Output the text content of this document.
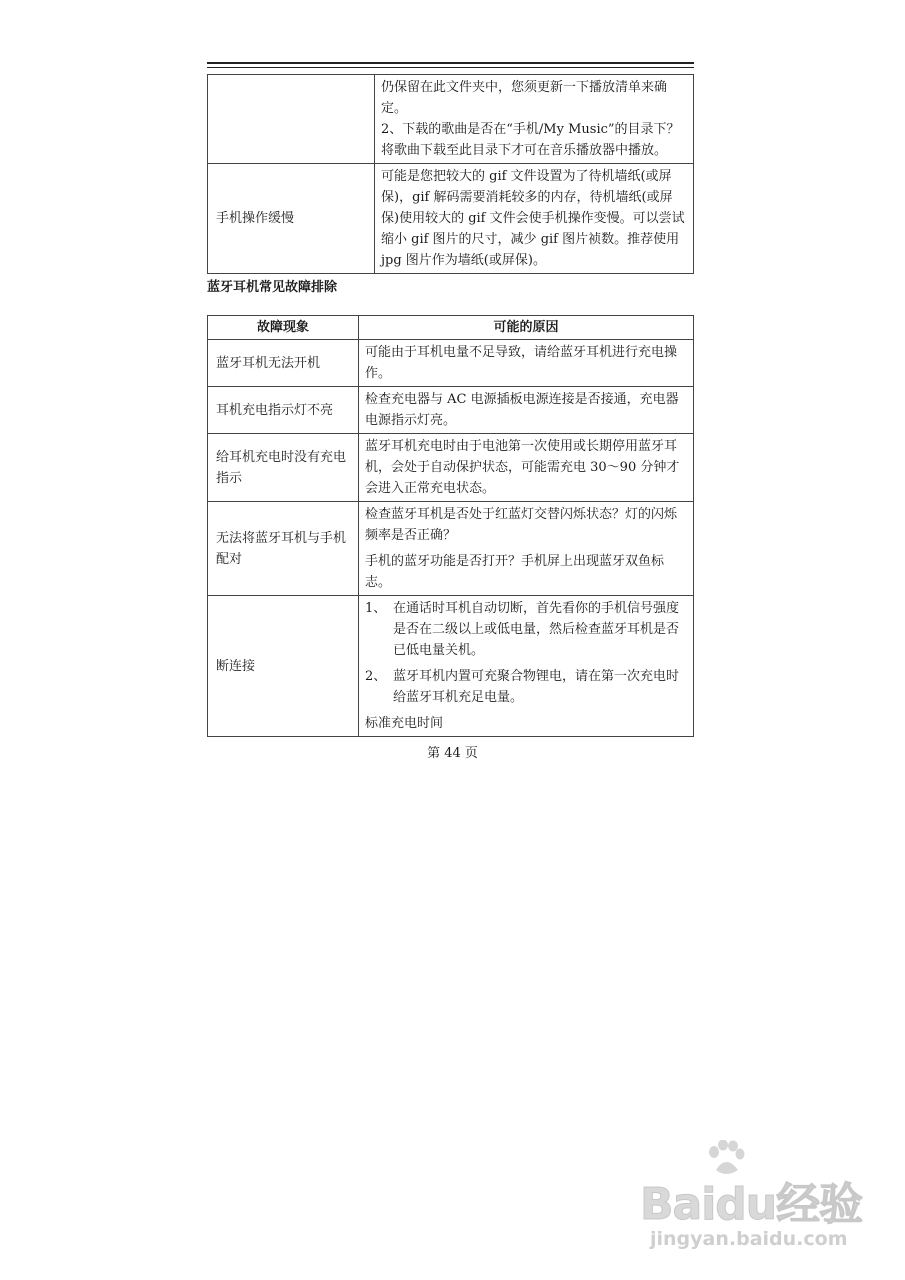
	仍保留在此文件夹中，您须更新一下播放清单来确定。
2、下载的歌曲是否在“手机/My Music”的目录下？将歌曲下载至此目录下才可在音乐播放器中播放。

手机操作缓慢	可能是您把较大的 gif 文件设置为了待机墙纸(或屏保)，gif 解码需要消耗较多的内存，待机墙纸(或屏保)使用较大的 gif 文件会使手机操作变慢。可以尝试缩小 gif 图片的尺寸，减少 gif 图片祯数。推荐使用 jpg 图片作为墙纸(或屏保)。
蓝牙耳机常见故障排除
故障现象	可能的原因
蓝牙耳机无法开机	可能由于耳机电量不足导致，请给蓝牙耳机进行充电操作。
耳机充电指示灯不亮	检查充电器与 AC 电源插板电源连接是否接通，充电器电源指示灯亮。
给耳机充电时没有充电指示	蓝牙耳机充电时由于电池第一次使用或长期停用蓝牙耳机，会处于自动保护状态，可能需充电 30～90 分钟才会进入正常充电状态。
无法将蓝牙耳机与手机配对	检查蓝牙耳机是否处于红蓝灯交替闪烁状态？灯的闪烁频率是否正确？
手机的蓝牙功能是否打开？手机屏上出现蓝牙双鱼标志。

断连接	1、 在通话时耳机自动切断，首先看你的手机信号强度是否在二级以上或低电量，然后检查蓝牙耳机是否已低电量关机。
2、 蓝牙耳机内置可充聚合物锂电，请在第一次充电时给蓝牙耳机充足电量。
标准充电时间
第 44 页
Baidu经验
jingyan.baidu.com
